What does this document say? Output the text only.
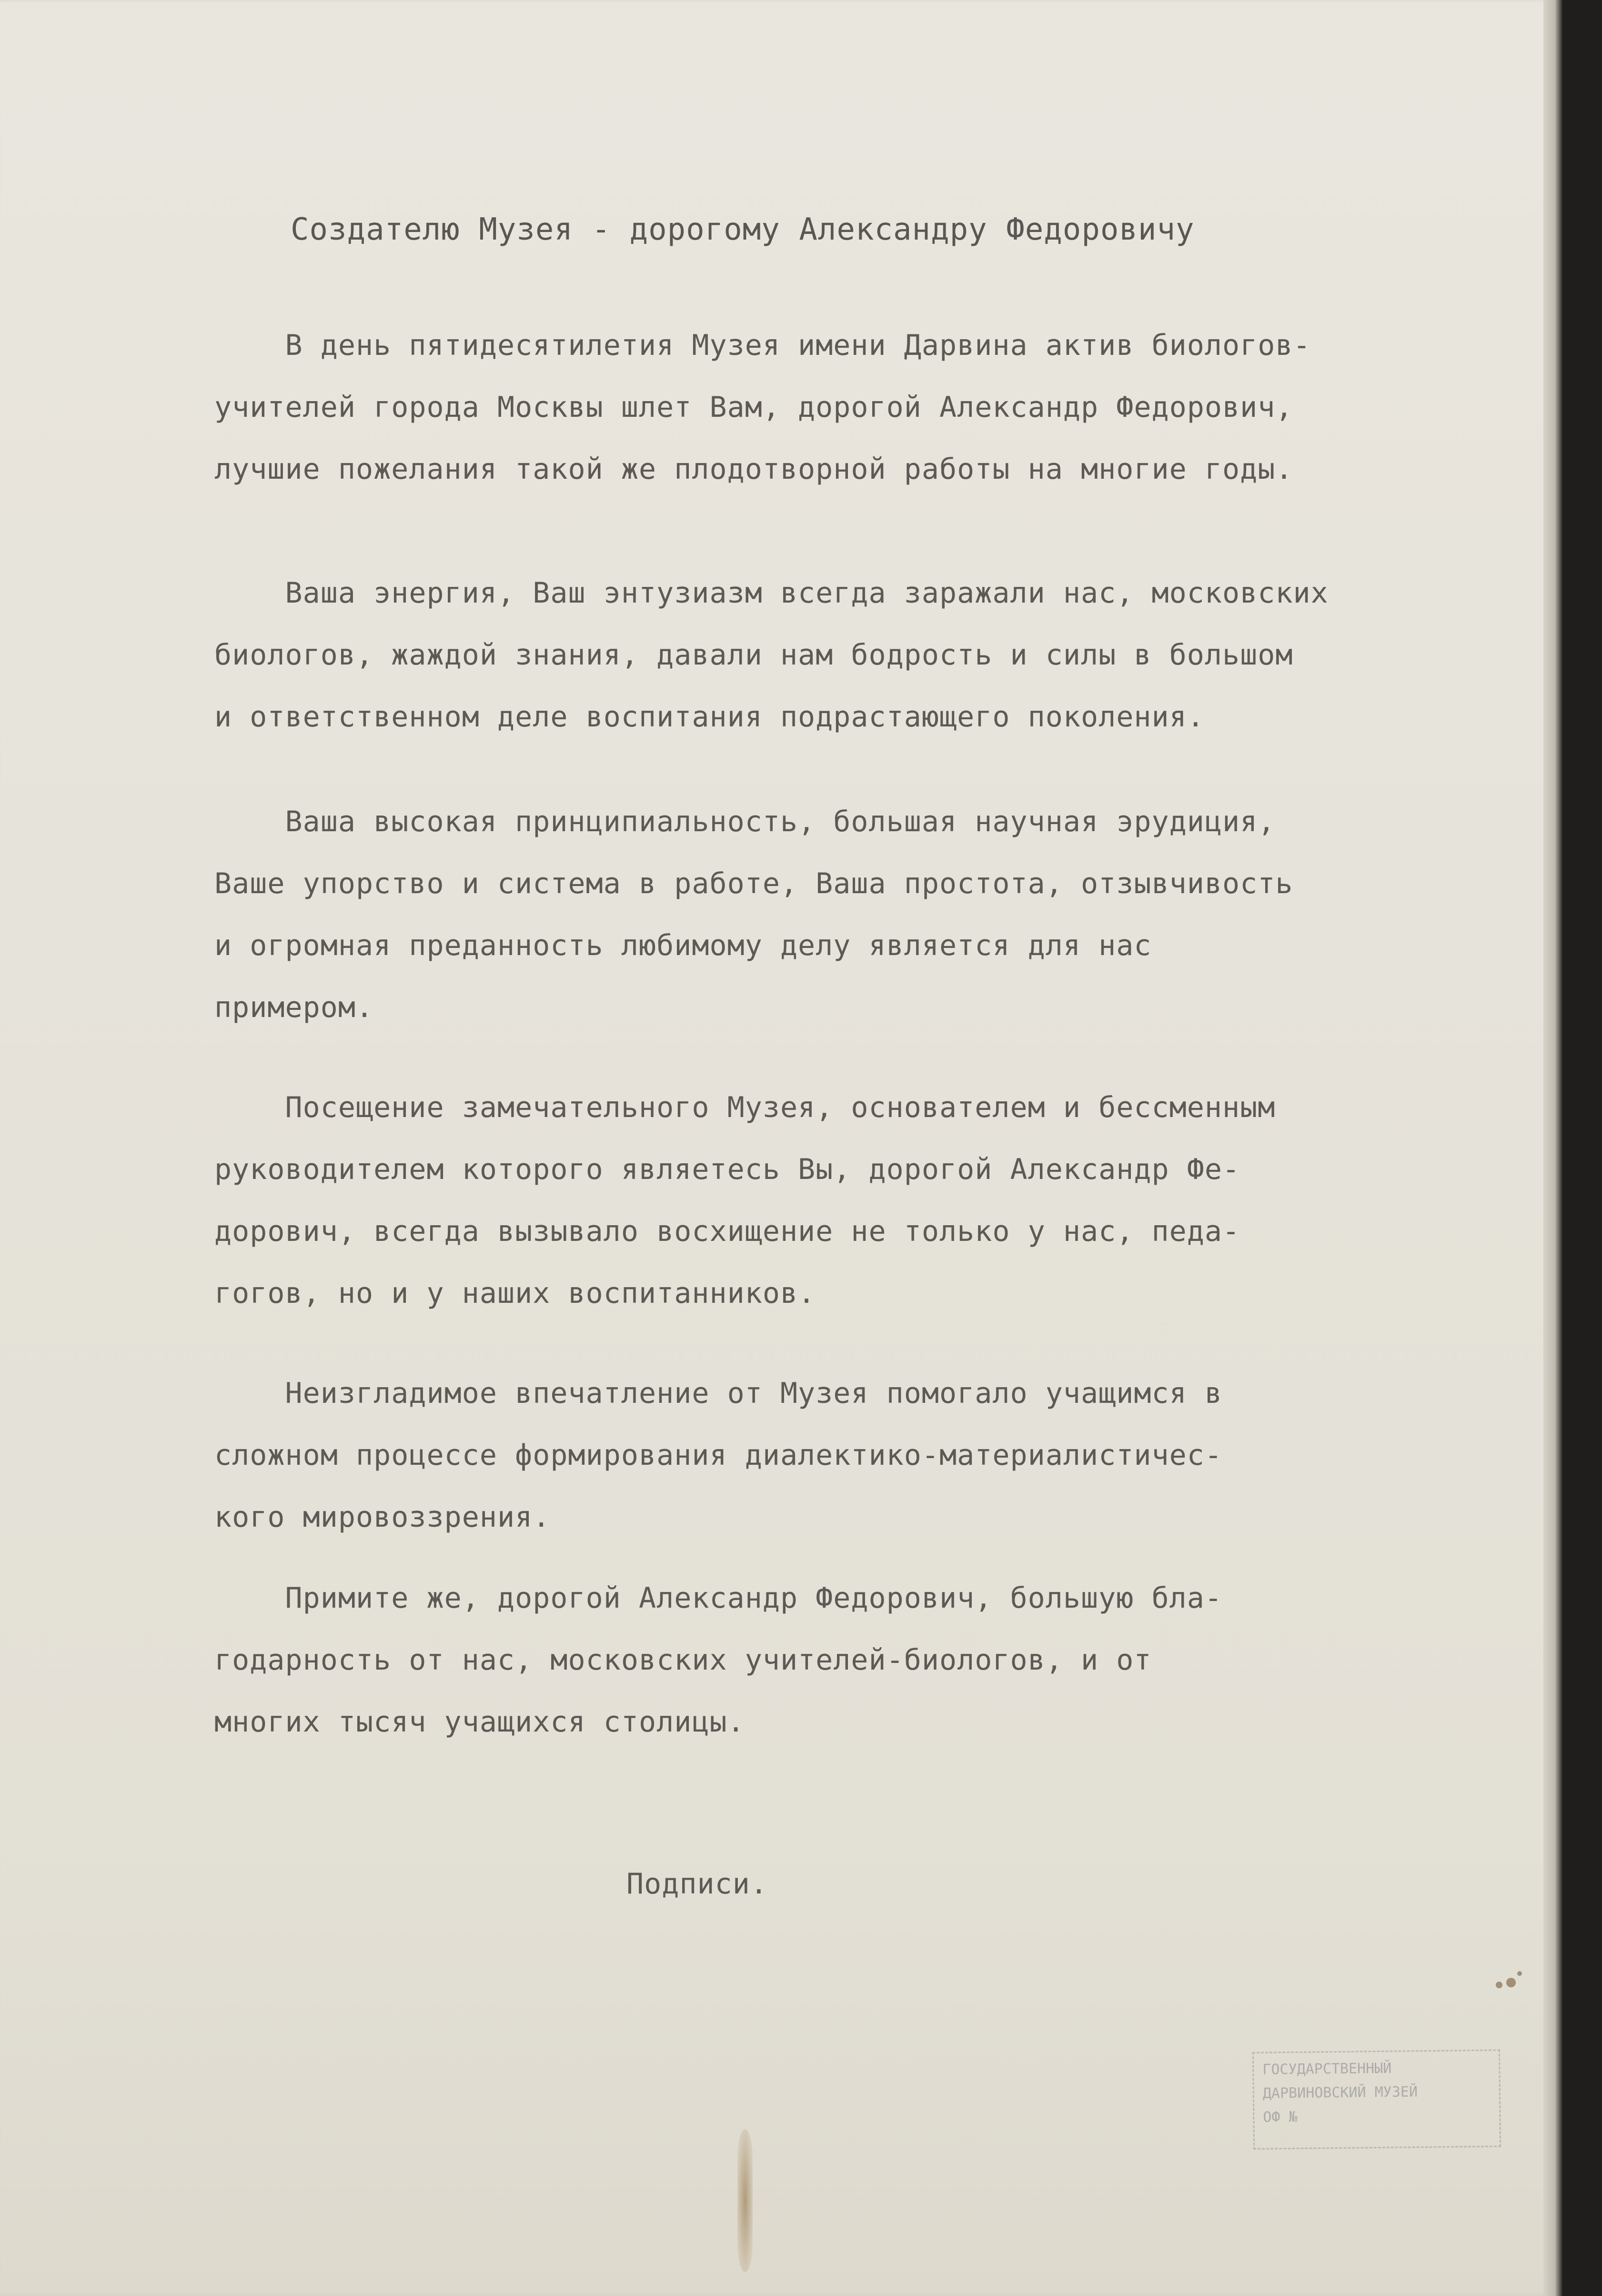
Создателю Музея - дорогому Александру Федоровичу
В день пятидесятилетия Музея имени Дарвина актив биологов-
учителей города Москвы шлет Вам, дорогой Александр Федорович,
лучшие пожелания такой же плодотворной работы на многие годы.
Ваша энергия, Ваш энтузиазм всегда заражали нас, московских
биологов, жаждой знания, давали нам бодрость и силы в большом
и ответственном деле воспитания подрастающего поколения.
Ваша высокая принципиальность, большая научная эрудиция,
Ваше упорство и система в работе, Ваша простота, отзывчивость
и огромная преданность любимому делу является для нас
примером.
Посещение замечательного Музея, основателем и бессменным
руководителем которого являетесь Вы, дорогой Александр Фе-
дорович, всегда вызывало восхищение не только у нас, педа-
гогов, но и у наших воспитанников.
Неизгладимое впечатление от Музея помогало учащимся в
сложном процессе формирования диалектико-материалистичес-
кого мировоззрения.
Примите же, дорогой Александр Федорович, большую бла-
годарность от нас, московских учителей-биологов, и от
многих тысяч учащихся столицы.
Подписи.
ГОСУДАРСТВЕННЫЙ
ДАРВИНОВСКИЙ МУЗЕЙ
ОФ №
